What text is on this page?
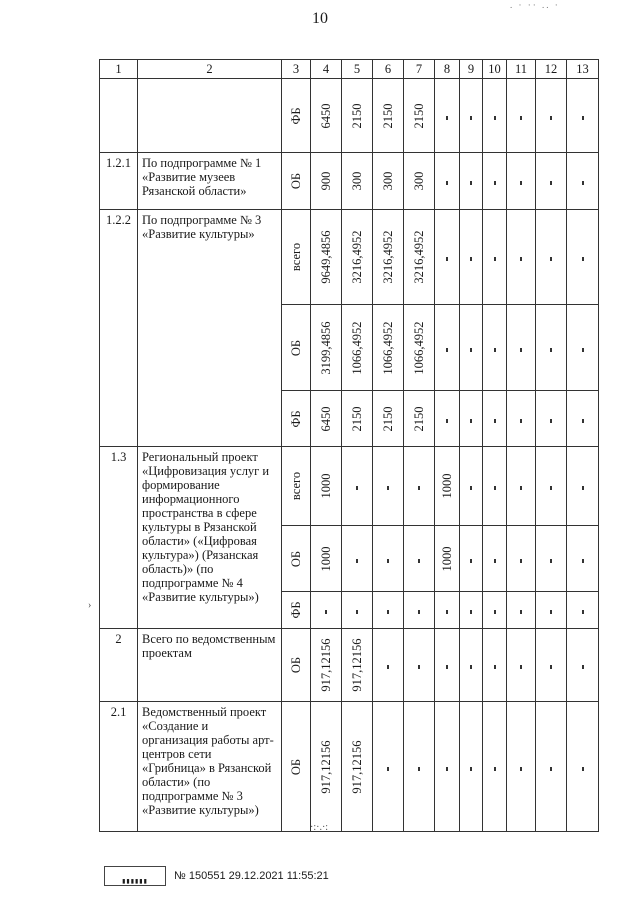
. · ·· .. ·
10
1	2	3	4	5	6	7	8	9	10	11	12	13

		ФБ	6450	2150	2150	2150						

1.2.1	По подпрограмме № 1 «Развитие музеев Рязанской области»	ОБ	900	300	300	300						

1.2.2	По подпрограмме № 3 «Развитие культуры»	всего	9649,4856	3216,4952	3216,4952	3216,4952						

		ОБ	3199,4856	1066,4952	1066,4952	1066,4952						

		ФБ	6450	2150	2150	2150						

1.3	Региональный проект «Цифровизация услуг и формирование информационного пространства в сфере культуры в Рязанской области» («Цифровая культура») (Рязанская область)» (по подпрограмме № 4 «Развитие культуры»)	всего	1000				1000					

		ОБ	1000				1000					

		ФБ										

2	Всего по ведомственным проектам	ОБ	917,12156	917,12156								

2.1	Ведомственный проект «Создание и организация работы арт-центров сети «Грибница» в Рязанской области» (по подпрограмме № 3 «Развитие культуры»)	ОБ	917,12156	917,12156								

·:·.·:
›
▮▮▮▮▮▮	№ 150551 29.12.2021 11:55:21
